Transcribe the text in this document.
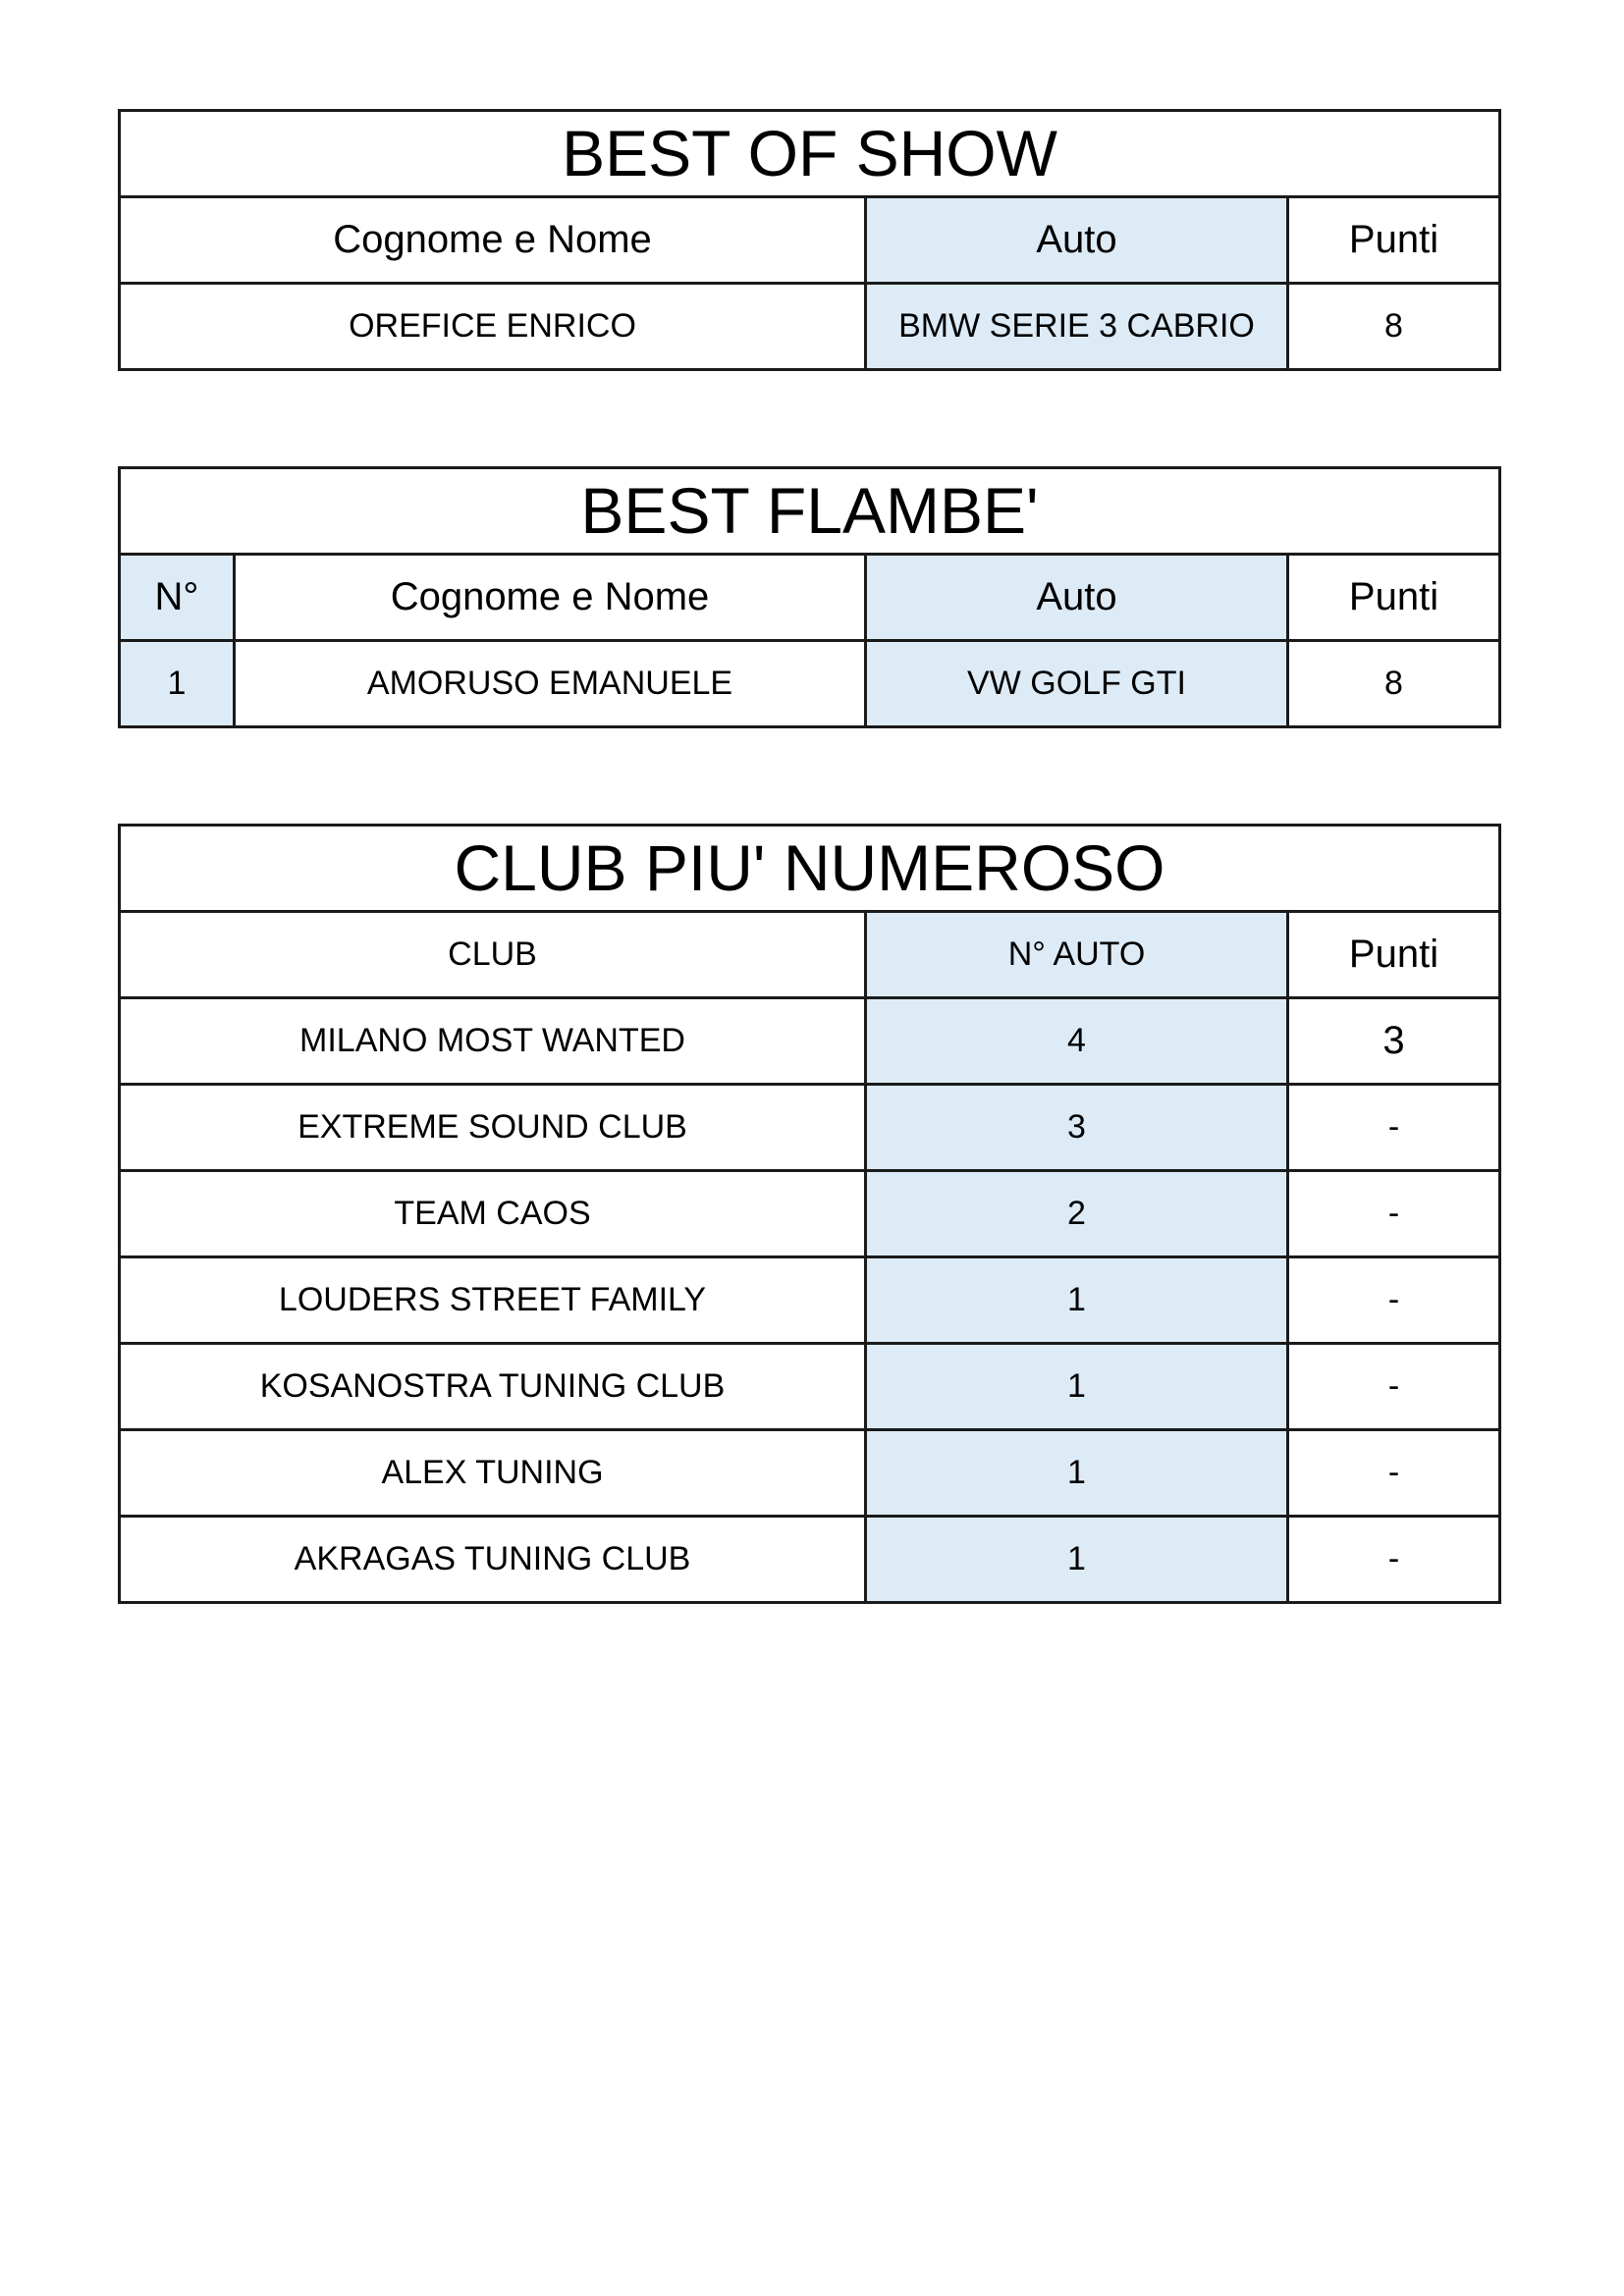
BEST OF SHOW		
Cognome e Nome	Auto	Punti
OREFICE ENRICO	BMW SERIE 3 CABRIO	8
BEST FLAMBE'			
N°	Cognome e Nome	Auto	Punti
1	AMORUSO EMANUELE	VW GOLF GTI	8
CLUB PIU' NUMEROSO		
CLUB	N° AUTO	Punti
MILANO MOST WANTED	4	3
EXTREME SOUND CLUB	3	-
TEAM CAOS	2	-
LOUDERS STREET FAMILY	1	-
KOSANOSTRA TUNING CLUB	1	-
ALEX TUNING	1	-
AKRAGAS TUNING CLUB	1	-
